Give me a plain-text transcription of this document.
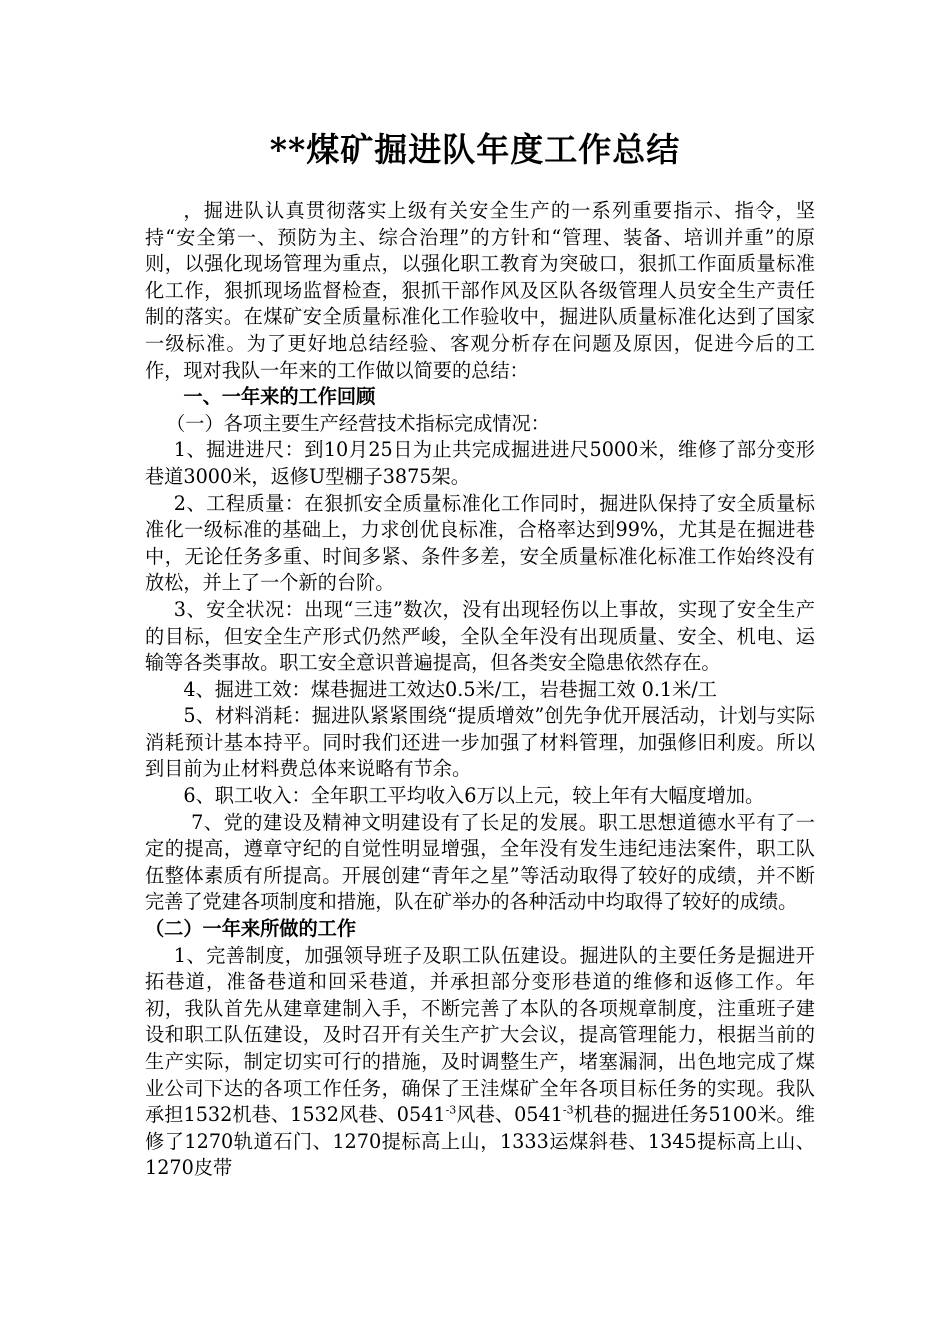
**煤矿掘进队年度工作总结

，掘进队认真贯彻落实上级有关安全生产的一系列重要指示、指令，坚持“安全第一、预防为主、综合治理”的方针和“管理、装备、培训并重”的原则，以强化现场管理为重点，以强化职工教育为突破口，狠抓工作面质量标准化工作，狠抓现场监督检查，狠抓干部作风及区队各级管理人员安全生产责任制的落实。在煤矿安全质量标准化工作验收中，掘进队质量标准化达到了国家一级标准。为了更好地总结经验、客观分析存在问题及原因，促进今后的工作，现对我队一年来的工作做以简要的总结：

一、一年来的工作回顾

（一）各项主要生产经营技术指标完成情况：

1、掘进进尺：到10月25日为止共完成掘进进尺5000米，维修了部分变形巷道3000米，返修U型棚子3875架。

2、工程质量：在狠抓安全质量标准化工作同时，掘进队保持了安全质量标准化一级标准的基础上，力求创优良标准，合格率达到99%，尤其是在掘进巷中，无论任务多重、时间多紧、条件多差，安全质量标准化标准工作始终没有放松，并上了一个新的台阶。

3、安全状况：出现“三违”数次，没有出现轻伤以上事故，实现了安全生产的目标，但安全生产形式仍然严峻，全队全年没有出现质量、安全、机电、运输等各类事故。职工安全意识普遍提高，但各类安全隐患依然存在。

4、掘进工效：煤巷掘进工效达0.5米/工，岩巷掘工效 0.1米/工

5、材料消耗：掘进队紧紧围绕“提质增效”创先争优开展活动，计划与实际消耗预计基本持平。同时我们还进一步加强了材料管理，加强修旧利废。所以到目前为止材料费总体来说略有节余。

6、职工收入：全年职工平均收入6万以上元，较上年有大幅度增加。

7、党的建设及精神文明建设有了长足的发展。职工思想道德水平有了一定的提高，遵章守纪的自觉性明显增强，全年没有发生违纪违法案件，职工队伍整体素质有所提高。开展创建“青年之星”等活动取得了较好的成绩，并不断完善了党建各项制度和措施，队在矿举办的各种活动中均取得了较好的成绩。

（二）一年来所做的工作

1、完善制度，加强领导班子及职工队伍建设。掘进队的主要任务是掘进开拓巷道，准备巷道和回采巷道，并承担部分变形巷道的维修和返修工作。年初，我队首先从建章建制入手，不断完善了本队的各项规章制度，注重班子建设和职工队伍建设，及时召开有关生产扩大会议，提高管理能力，根据当前的生产实际，制定切实可行的措施，及时调整生产，堵塞漏洞，出色地完成了煤业公司下达的各项工作任务，确保了王洼煤矿全年各项目标任务的实现。我队承担1532机巷、1532风巷、$0541^{-3}$风巷、$0541^{-3}$机巷的掘进任务5100米。维修了1270轨道石门、1270提标高上山，1333运煤斜巷、1345提标高上山、1270皮带
